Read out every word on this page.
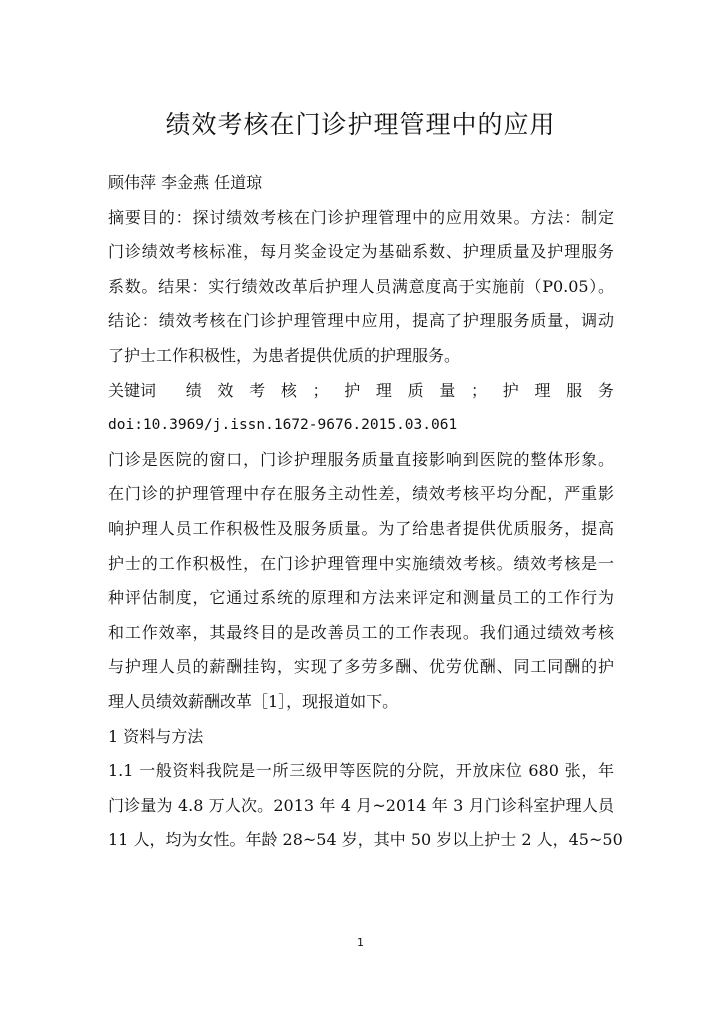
绩效考核在门诊护理管理中的应用
顾伟萍 李金燕 任道琼
摘要目的：探讨绩效考核在门诊护理管理中的应用效果。方法：制定
门诊绩效考核标准，每月奖金设定为基础系数、护理质量及护理服务
系数。结果：实行绩效改革后护理人员满意度高于实施前（P0.05）。
结论：绩效考核在门诊护理管理中应用，提高了护理服务质量，调动
了护士工作积极性，为患者提供优质的护理服务。
关键词 绩 效 考 核 ； 护 理 质 量 ； 护 理 服 务
doi:10.3969/j.issn.1672-9676.2015.03.061
门诊是医院的窗口，门诊护理服务质量直接影响到医院的整体形象。
在门诊的护理管理中存在服务主动性差，绩效考核平均分配，严重影
响护理人员工作积极性及服务质量。为了给患者提供优质服务，提高
护士的工作积极性，在门诊护理管理中实施绩效考核。绩效考核是一
种评估制度，它通过系统的原理和方法来评定和测量员工的工作行为
和工作效率，其最终目的是改善员工的工作表现。我们通过绩效考核
与护理人员的薪酬挂钩，实现了多劳多酬、优劳优酬、同工同酬的护
理人员绩效薪酬改革［1］，现报道如下。
1 资料与方法
1.1 一般资料我院是一所三级甲等医院的分院，开放床位 680 张，年
门诊量为 4.8 万人次。2013 年 4 月~2014 年 3 月门诊科室护理人员
11 人，均为女性。年龄 28~54 岁，其中 50 岁以上护士 2 人，45~50
1
